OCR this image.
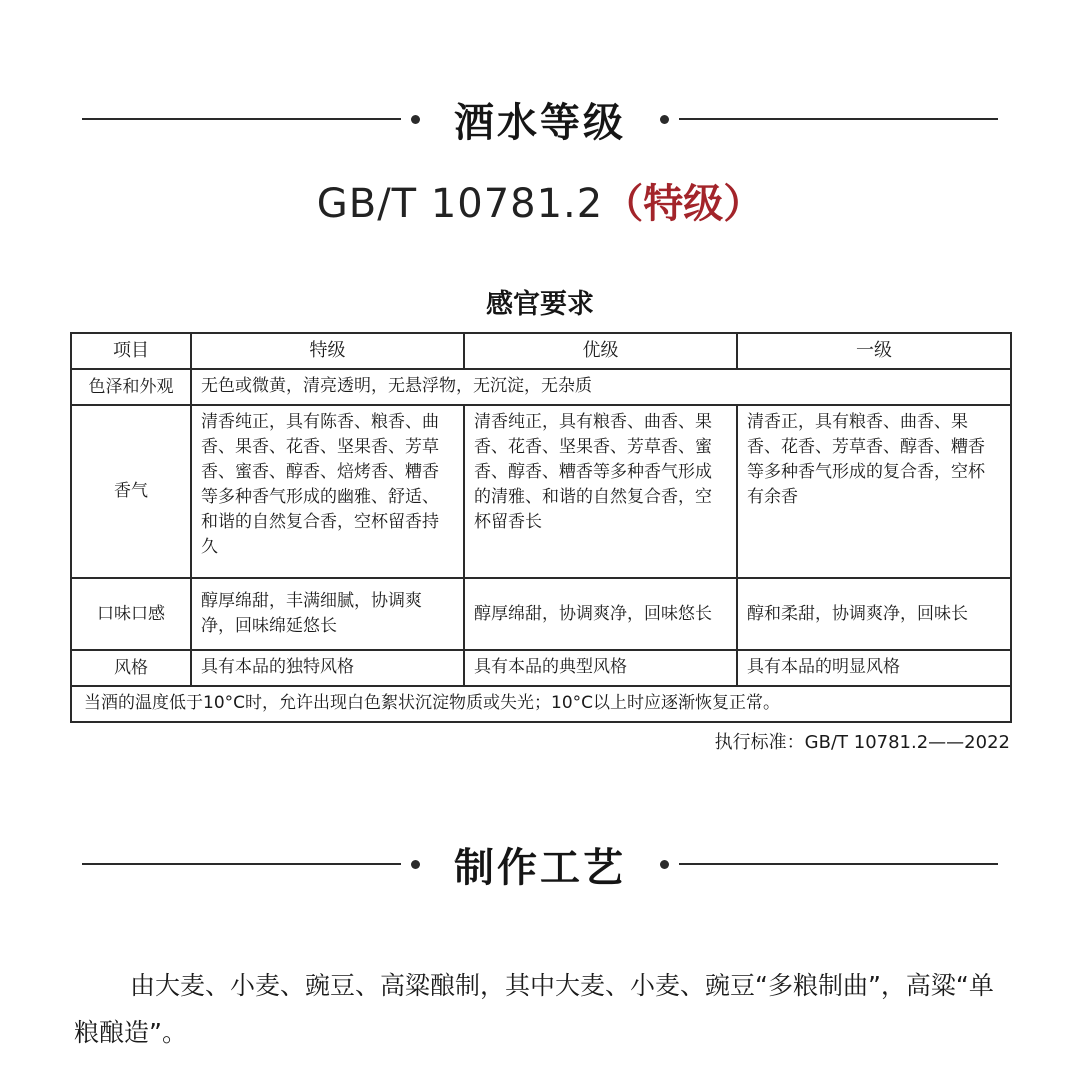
酒水等级
GB/T 10781.2（特级）
感官要求
项目	特级	优级	一级
色泽和外观	无色或微黄，清亮透明，无悬浮物，无沉淀，无杂质		
香气	清香纯正，具有陈香、粮香、曲香、果香、花香、坚果香、芳草香、蜜香、醇香、焙烤香、糟香等多种香气形成的幽雅、舒适、和谐的自然复合香，空杯留香持久	清香纯正，具有粮香、曲香、果香、花香、坚果香、芳草香、蜜香、醇香、糟香等多种香气形成的清雅、和谐的自然复合香，空杯留香长	清香正，具有粮香、曲香、果香、花香、芳草香、醇香、糟香等多种香气形成的复合香，空杯有余香
口味口感	醇厚绵甜，丰满细腻，协调爽净，回味绵延悠长	醇厚绵甜，协调爽净，回味悠长	醇和柔甜，协调爽净，回味长
风格	具有本品的独特风格	具有本品的典型风格	具有本品的明显风格
当酒的温度低于10°C时，允许出现白色絮状沉淀物质或失光；10°C以上时应逐渐恢复正常。			
执行标准：GB/T 10781.2——2022
制作工艺

由大麦、小麦、豌豆、高粱酿制，其中大麦、小麦、豌豆“多粮制曲”，高粱“单粮酿造”。
